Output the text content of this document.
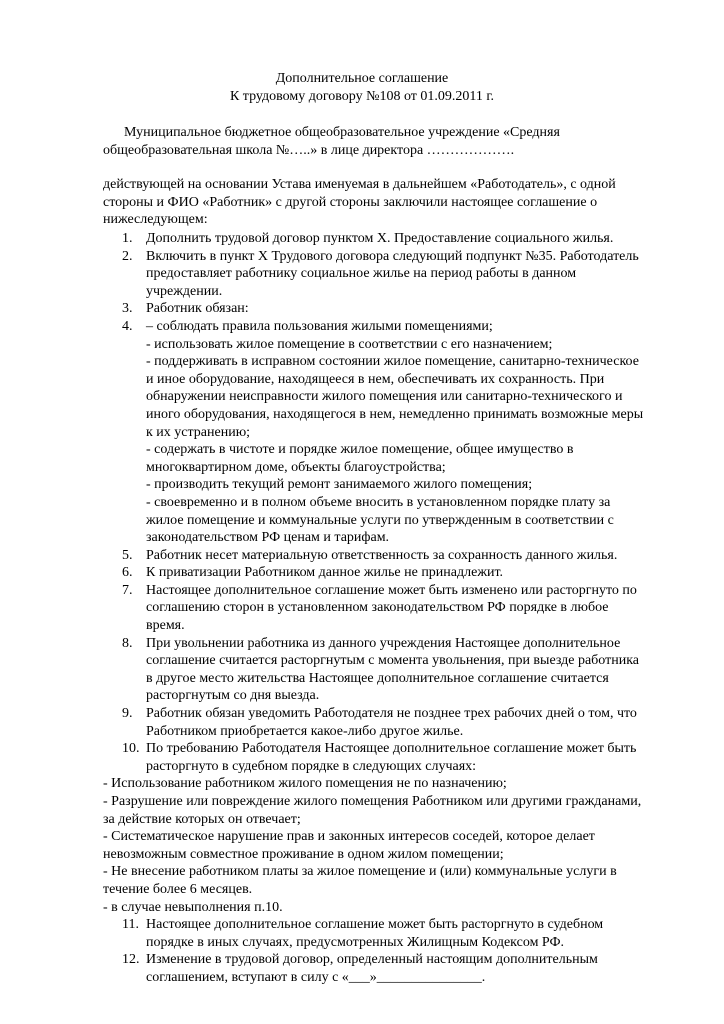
Дополнительное соглашение
К трудовому договору №108 от 01.09.2011 г.
Муниципальное бюджетное общеобразовательное учреждение «Средняя общеобразовательная школа №…..» в лице директора ……………….
действующей на основании Устава именуемая в дальнейшем «Работодатель», с одной стороны и ФИО «Работник» с другой стороны заключили настоящее соглашение о нижеследующем:
1. Дополнить трудовой договор пунктом X. Предоставление социального жилья.
2. Включить в пункт Х Трудового договора следующий подпункт №35. Работодатель предоставляет работнику социальное жилье на период работы в данном учреждении.
3. Работник обязан:
4. – соблюдать правила пользования жилыми помещениями;
- использовать жилое помещение в соответствии с его назначением;
- поддерживать в исправном состоянии жилое помещение, санитарно-техническое и иное оборудование, находящееся в нем, обеспечивать их сохранность. При обнаружении неисправности жилого помещения или санитарно-технического и иного оборудования, находящегося в нем, немедленно принимать возможные меры к их устранению;
- содержать в чистоте и порядке жилое помещение, общее имущество в многоквартирном доме, объекты благоустройства;
- производить текущий ремонт занимаемого жилого помещения;
- своевременно и в полном объеме вносить в установленном порядке плату за жилое помещение и коммунальные услуги по утвержденным в соответствии с законодательством РФ ценам и тарифам.
5. Работник несет материальную ответственность за сохранность данного жилья.
6. К приватизации Работником данное жилье не принадлежит.
7. Настоящее дополнительное соглашение может быть изменено или расторгнуто по соглашению сторон в установленном законодательством РФ порядке в любое время.
8. При увольнении работника из данного учреждения Настоящее дополнительное соглашение считается расторгнутым с момента увольнения, при выезде работника в другое место жительства Настоящее дополнительное соглашение считается расторгнутым со дня выезда.
9. Работник обязан уведомить Работодателя не позднее трех рабочих дней о том, что Работником приобретается какое-либо другое жилье.
10. По требованию Работодателя Настоящее дополнительное соглашение может быть расторгнуто в судебном порядке в следующих случаях:
- Использование работником жилого помещения не по назначению;
- Разрушение или повреждение жилого помещения Работником или другими гражданами, за действие которых он отвечает;
- Систематическое нарушение прав и законных интересов соседей, которое делает невозможным совместное проживание в одном жилом помещении;
- Не внесение работником платы за жилое помещение и (или) коммунальные услуги в течение более 6 месяцев.
- в случае невыполнения п.10.
11. Настоящее дополнительное соглашение может быть расторгнуто в судебном порядке в иных случаях, предусмотренных Жилищным Кодексом РФ.
12. Изменение в трудовой договор, определенный настоящим дополнительным соглашением, вступают в силу с «___»_______________.
